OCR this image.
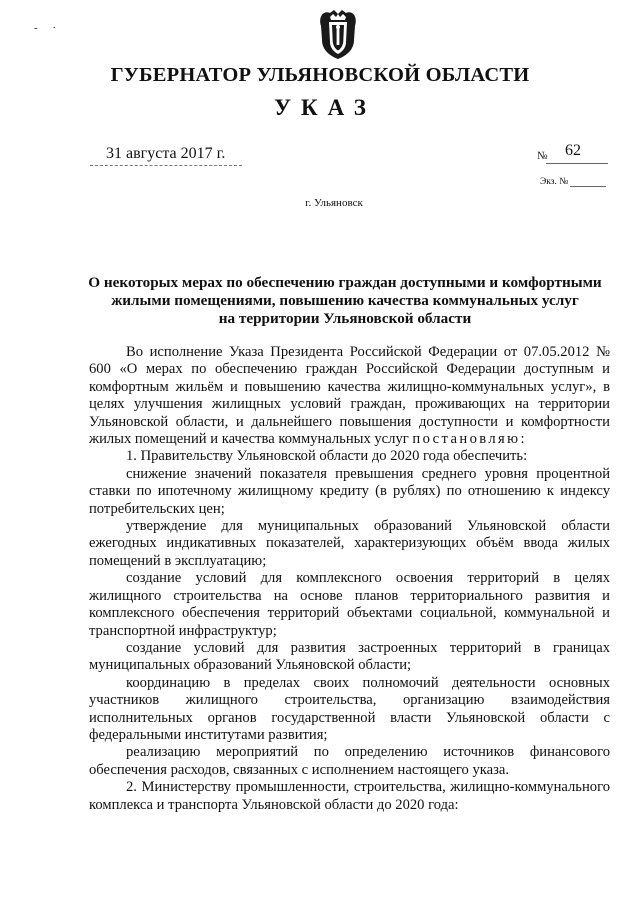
- ·
ГУБЕРНАТОР УЛЬЯНОВСКОЙ ОБЛАСТИ
УКАЗ
31 августа 2017 г.	№ 62
Экз. №
г. Ульяновск
О некоторых мерах по обеспечению граждан доступными и комфортными
жилыми помещениями, повышению качества коммунальных услуг
на территории Ульяновской области

Во исполнение Указа Президента Российской Федерации от 07.05.2012 № 600 «О мерах по обеспечению граждан Российской Федерации доступным и комфортным жильём и повышению качества жилищно-коммунальных услуг», в целях улучшения жилищных условий граждан, проживающих на территории Ульяновской области, и дальнейшего повышения доступности и комфортности жилых помещений и качества коммунальных услуг постановляю:

1. Правительству Ульяновской области до 2020 года обеспечить:

снижение значений показателя превышения среднего уровня процентной ставки по ипотечному жилищному кредиту (в рублях) по отношению к индексу потребительских цен;

утверждение для муниципальных образований Ульяновской области ежегодных индикативных показателей, характеризующих объём ввода жилых помещений в эксплуатацию;

создание условий для комплексного освоения территорий в целях жилищного строительства на основе планов территориального развития и комплексного обеспечения территорий объектами социальной, коммунальной и транспортной инфраструктур;

создание условий для развития застроенных территорий в границах муниципальных образований Ульяновской области;

координацию в пределах своих полномочий деятельности основных участников жилищного строительства, организацию взаимодействия исполнительных органов государственной власти Ульяновской области с федеральными институтами развития;

реализацию мероприятий по определению источников финансового обеспечения расходов, связанных с исполнением настоящего указа.

2. Министерству промышленности, строительства, жилищно-коммунального комплекса и транспорта Ульяновской области до 2020 года:
